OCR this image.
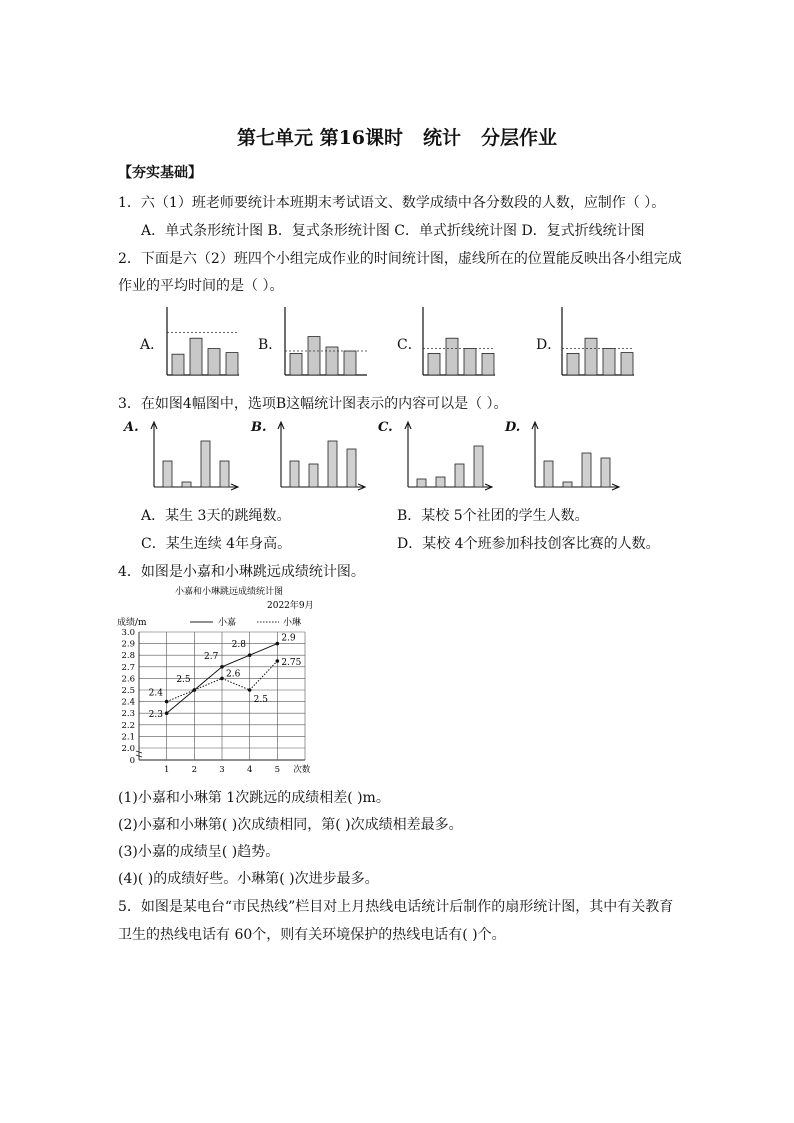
第七单元 第16课时 统计 分层作业
【夯实基础】
1．六（1）班老师要统计本班期末考试语文、数学成绩中各分数段的人数，应制作（ ）。
A．单式条形统计图 B．复式条形统计图 C．单式折线统计图 D．复式折线统计图
2．下面是六（2）班四个小组完成作业的时间统计图，虚线所在的位置能反映出各小组完成
作业的平均时间的是（ ）。
A．	B．	C．	D．
3．在如图4幅图中，选项B这幅统计图表示的内容可以是（ ）。
A.	B.	C.	D.
A．某生 3天的跳绳数。	B．某校 5个社团的学生人数。
C．某生连续 4年身高。	D．某校 4个班参加科技创客比赛的人数。
4．如图是小嘉和小琳跳远成绩统计图。
小嘉和小琳跳远成绩统计图
2022年9月
成绩/m	小嘉	小琳
3.0
2.9
2.8
2.7
2.6
2.5
2.4
2.3
2.2
2.1
2.0
0
1	2	3	4	5 次数
2.3
2.5
2.7
2.8
2.9
2.4
2.6
2.5
2.75
(1)小嘉和小琳第 1次跳远的成绩相差( )m。
(2)小嘉和小琳第( )次成绩相同，第( )次成绩相差最多。
(3)小嘉的成绩呈( )趋势。
(4)( )的成绩好些。小琳第( )次进步最多。
5．如图是某电台“市民热线”栏目对上月热线电话统计后制作的扇形统计图，其中有关教育
卫生的热线电话有 60个，则有关环境保护的热线电话有( )个。
